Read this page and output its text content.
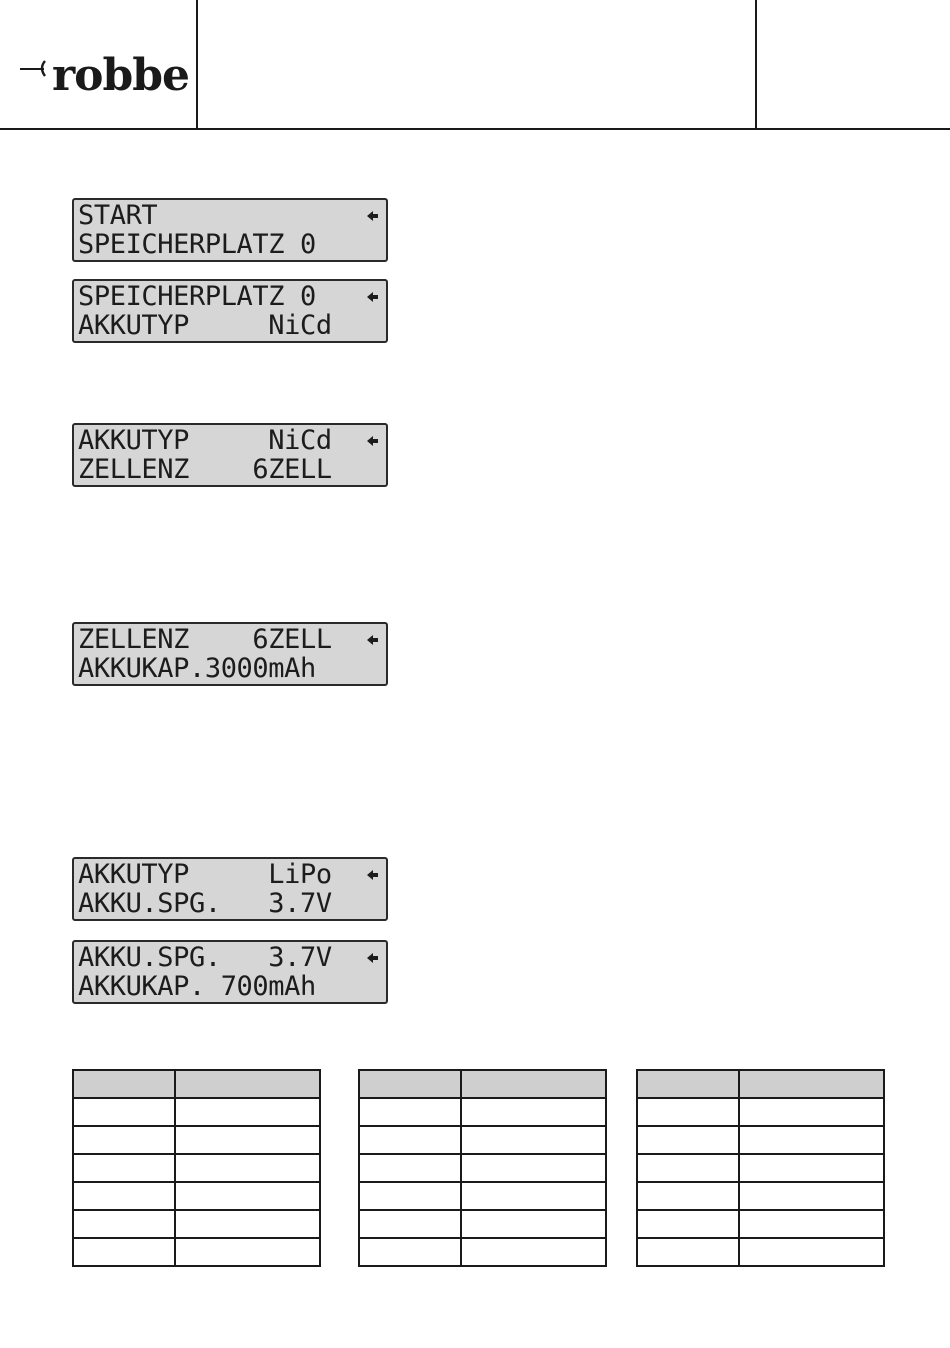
robbe
START
SPEICHERPLATZ 0
SPEICHERPLATZ 0
AKKUTYP     NiCd
AKKUTYP     NiCd
ZELLENZ    6ZELL
ZELLENZ    6ZELL
AKKUKAP.3000mAh
AKKUTYP     LiPo
AKKU.SPG.   3.7V
AKKU.SPG.   3.7V
AKKUKAP. 700mAh
